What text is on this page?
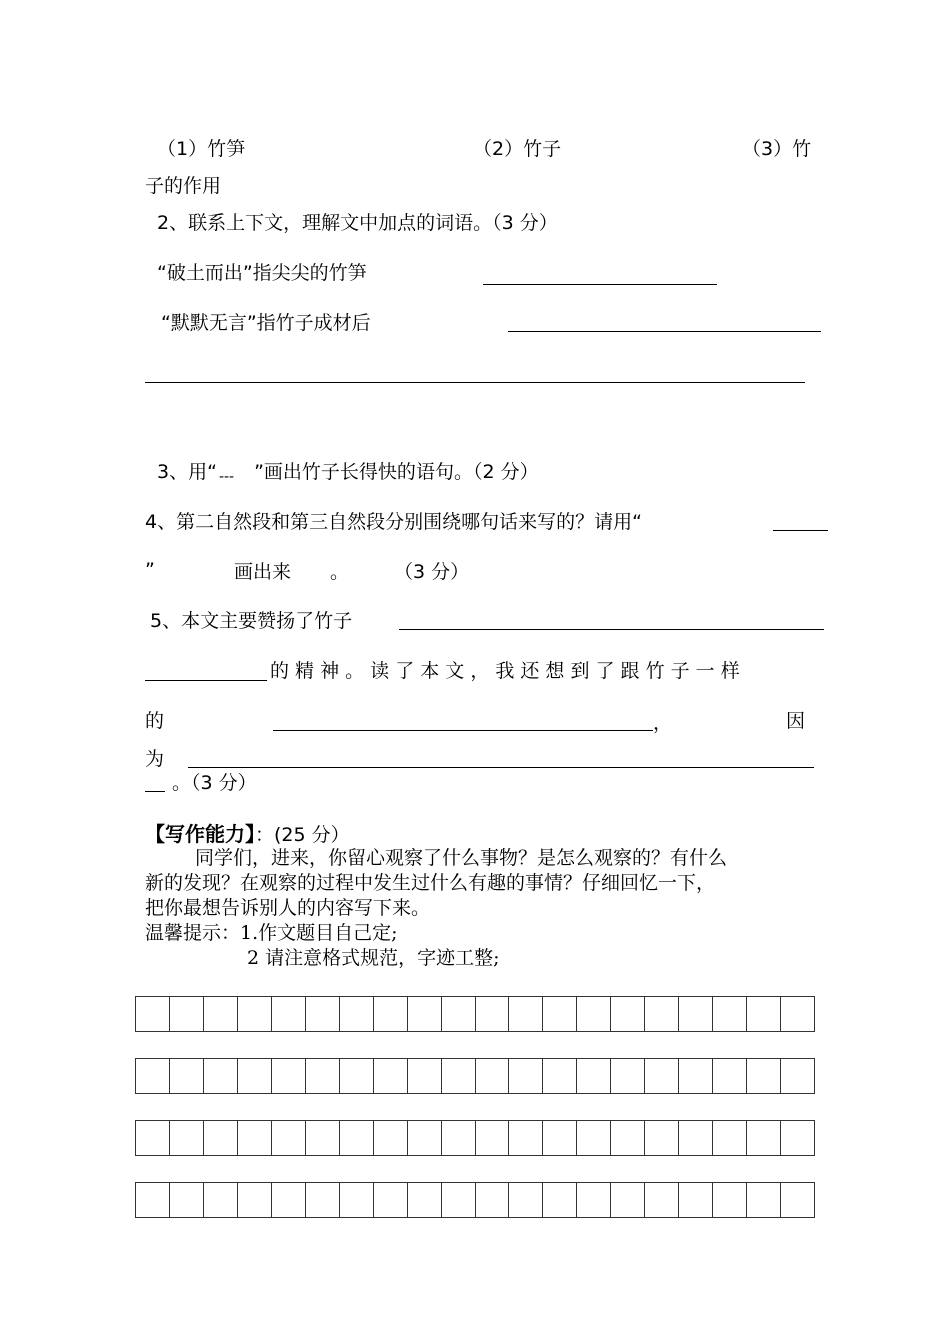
（1）竹笋	（2）竹子	（3）竹
子的作用
2、联系上下文，理解文中加点的词语。（3 分）
“破土而出”指尖尖的竹笋
“默默无言”指竹子成材后
3、用“ --- ”画出竹子长得快的语句。（2 分）
4、第二自然段和第三自然段分别围绕哪句话来写的？请用“
”	画出来 。 （3 分）
5、本文主要赞扬了竹子
的 精 神 。 读 了 本 文 ， 我 还 想 到 了 跟 竹 子 一 样
的	，	因
为
。（3 分）
【写作能力】：(25 分）
同学们，进来，你留心观察了什么事物？是怎么观察的？有什么
新的发现？在观察的过程中发生过什么有趣的事情？仔细回忆一下，
把你最想告诉别人的内容写下来。
温馨提示：1.作文题目自己定;
2 请注意格式规范，字迹工整;
